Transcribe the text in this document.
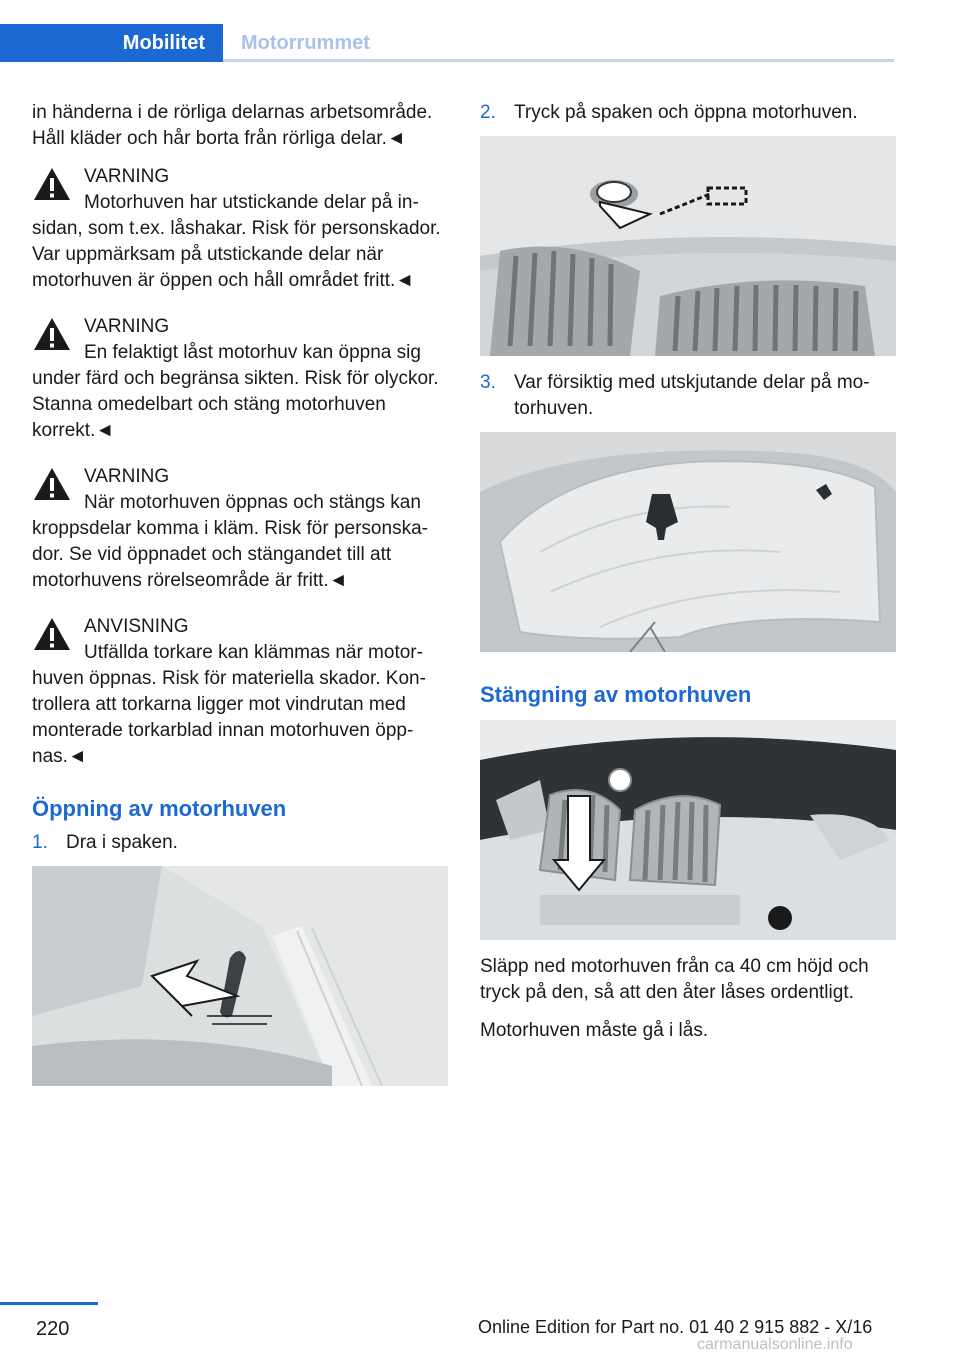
Mobilitet	Motorrummet

in händerna i de rörliga delarnas arbetsområde. Håll kläder och hår borta från rörliga delar.◄

VARNING

Motorhuven har utstickande delar på insidan, som t.ex. låshakar. Risk för personskador. Var uppmärksam på utstickande delar när motorhuven är öppen och håll området fritt.◄

VARNING

En felaktigt låst motorhuv kan öppna sig under färd och begränsa sikten. Risk för olyckor. Stanna omedelbart och stäng motorhuven korrekt.◄

VARNING

När motorhuven öppnas och stängs kan kroppsdelar komma i kläm. Risk för personskador. Se vid öppnadet och stängandet till att motorhuvens rörelseområde är fritt.◄

ANVISNING

Utfällda torkare kan klämmas när motorhuven öppnas. Risk för materiella skador. Kontrollera att torkarna ligger mot vindrutan med monterade torkarblad innan motorhuven öppnas.◄

Öppning av motorhuven
1. Dra i spaken.
2. Tryck på spaken och öppna motorhuven.
3. Var försiktig med utskjutande delar på motorhuven.
Stängning av motorhuven

Släpp ned motorhuven från ca 40 cm höjd och tryck på den, så att den åter låses ordentligt.

Motorhuven måste gå i lås.

220	Online Edition for Part no. 01 40 2 915 882 - X/16
carmanualsonline.info
